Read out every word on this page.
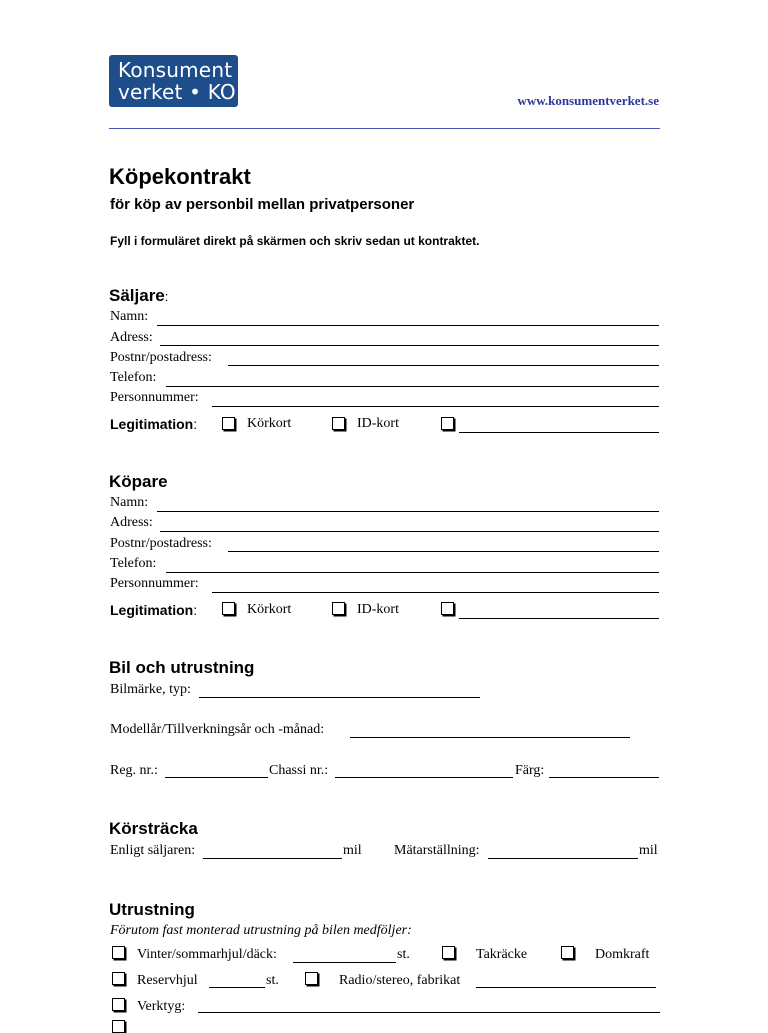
Konsument
verket • KO	www.konsumentverket.se
Köpekontrakt
för köp av personbil mellan privatpersoner
Fyll i formuläret direkt på skärmen och skriv sedan ut kontraktet.
Säljare:
Namn:
Adress:
Postnr/postadress:
Telefon:
Personnummer:
Legitimation:	Körkort	ID-kort
Köpare
Namn:
Adress:
Postnr/postadress:
Telefon:
Personnummer:
Legitimation:	Körkort	ID-kort
Bil och utrustning
Bilmärke, typ:
Modellår/Tillverkningsår och -månad:
Reg. nr.:	Chassi nr.:	Färg:
Körsträcka
Enligt säljaren:	mil Mätarställning:	mil
Utrustning
Förutom fast monterad utrustning på bilen medföljer:
Vinter/sommarhjul/däck:	st.	Takräcke	Domkraft
Reservhjul	st.	Radio/stereo, fabrikat
Verktyg:
